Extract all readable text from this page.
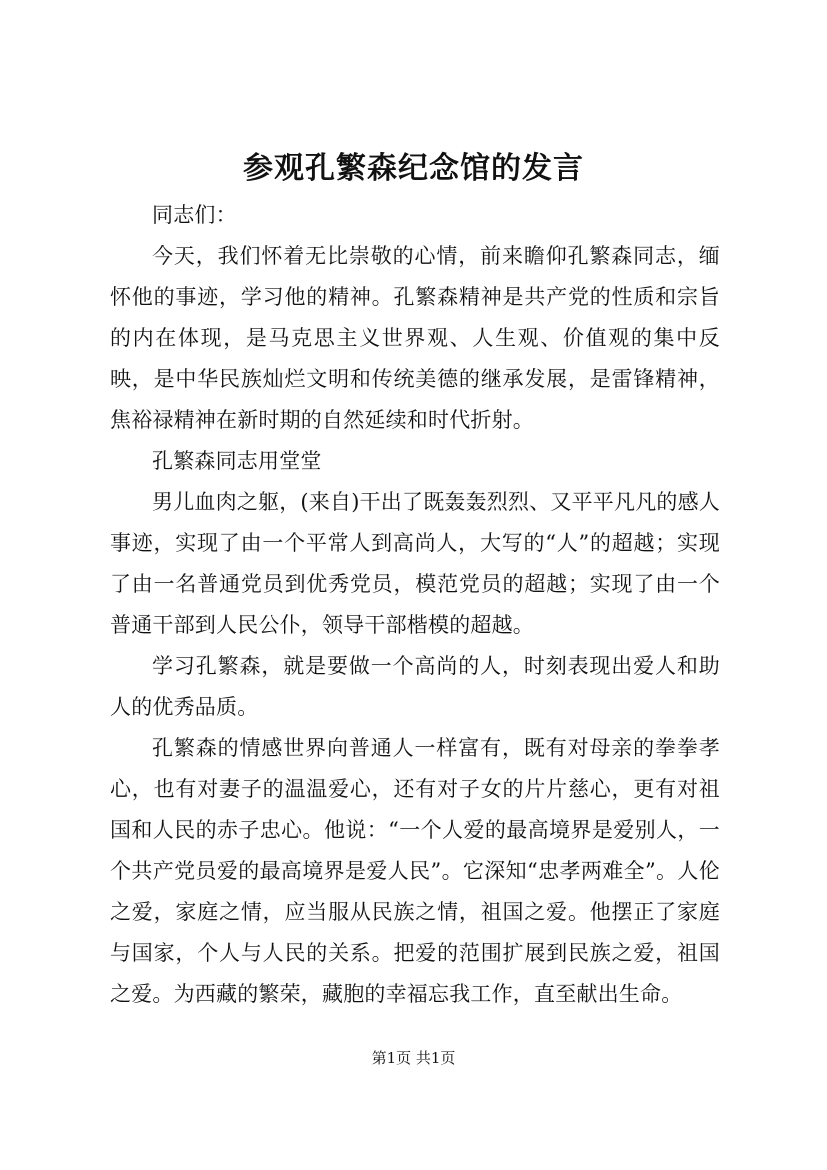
参观孔繁森纪念馆的发言

同志们：

今天，我们怀着无比崇敬的心情，前来瞻仰孔繁森同志，缅怀他的事迹，学习他的精神。孔繁森精神是共产党的性质和宗旨的内在体现，是马克思主义世界观、人生观、价值观的集中反映，是中华民族灿烂文明和传统美德的继承发展，是雷锋精神，焦裕禄精神在新时期的自然延续和时代折射。

孔繁森同志用堂堂

男儿血肉之躯，(来自)干出了既轰轰烈烈、又平平凡凡的感人事迹，实现了由一个平常人到高尚人，大写的“人”的超越；实现了由一名普通党员到优秀党员，模范党员的超越；实现了由一个普通干部到人民公仆，领导干部楷模的超越。

学习孔繁森，就是要做一个高尚的人，时刻表现出爱人和助人的优秀品质。

孔繁森的情感世界向普通人一样富有，既有对母亲的拳拳孝心，也有对妻子的温温爱心，还有对子女的片片慈心，更有对祖国和人民的赤子忠心。他说：“一个人爱的最高境界是爱别人，一个共产党员爱的最高境界是爱人民”。它深知“忠孝两难全”。人伦之爱，家庭之情，应当服从民族之情，祖国之爱。他摆正了家庭与国家，个人与人民的关系。把爱的范围扩展到民族之爱，祖国之爱。为西藏的繁荣，藏胞的幸福忘我工作，直至献出生命。

第1页 共1页
